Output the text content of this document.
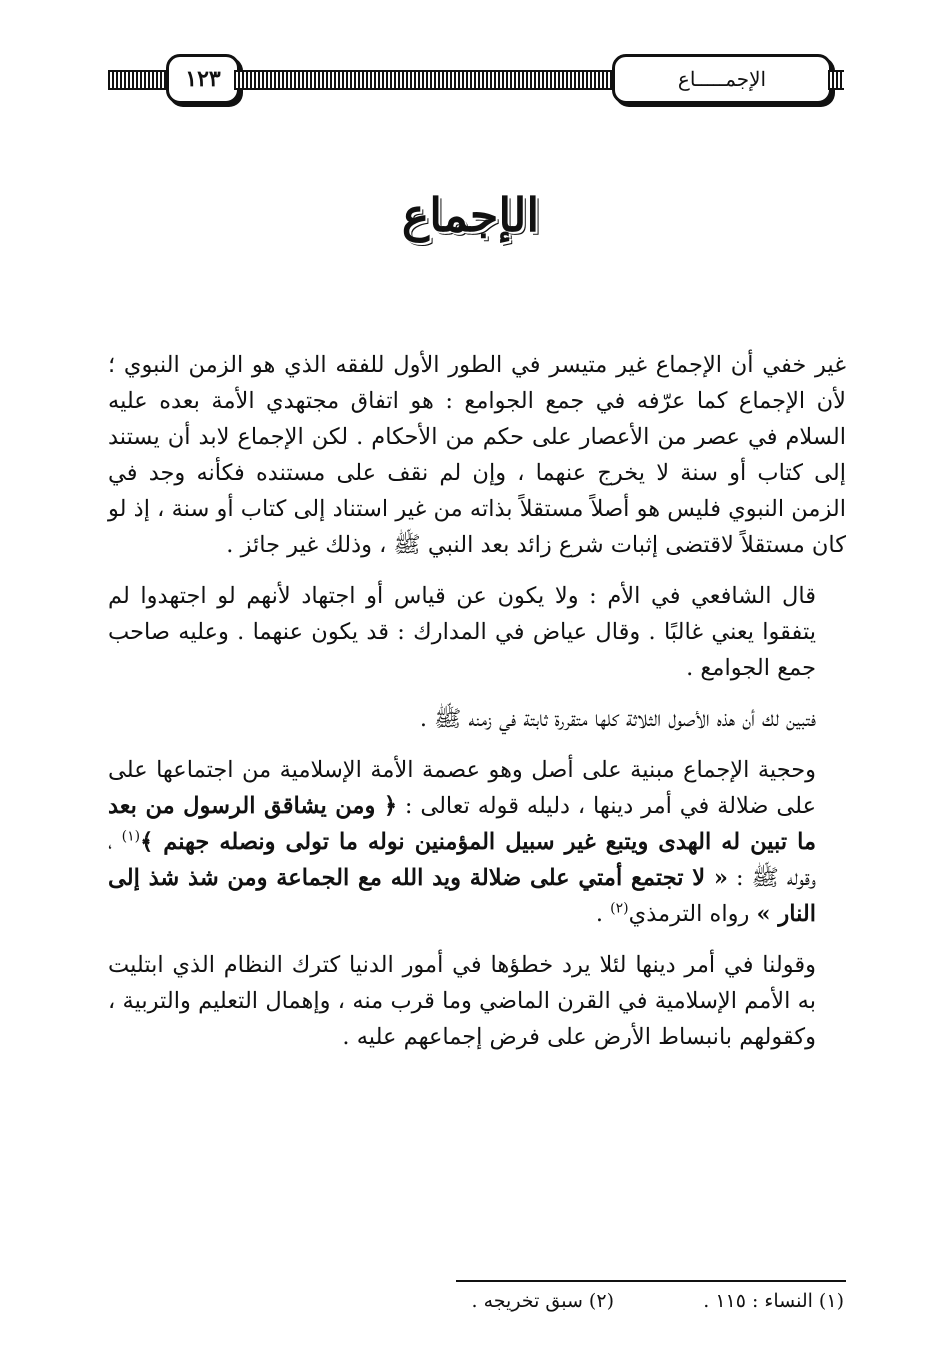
١٢٣	الإجمـــــاع
الإجماع

غير خفي أن الإجماع غير متيسر في الطور الأول للفقه الذي هو الزمن النبوي ؛ لأن الإجماع كما عرّفه في جمع الجوامع : هو اتفاق مجتهدي الأمة بعده عليه السلام في عصر من الأعصار على حكم من الأحكام . لكن الإجماع لابد أن يستند إلى كتاب أو سنة لا يخرج عنهما ، وإن لم نقف على مستنده فكأنه وجد في الزمن النبوي فليس هو أصلاً مستقلاً بذاته من غير استناد إلى كتاب أو سنة ، إذ لو كان مستقلاً لاقتضى إثبات شرع زائد بعد النبي ﷺ ، وذلك غير جائز .

قال الشافعي في الأم : ولا يكون عن قياس أو اجتهاد لأنهم لو اجتهدوا لم يتفقوا يعني غالبًا . وقال عياض في المدارك : قد يكون عنهما . وعليه صاحب جمع الجوامع .

فتبين لك أن هذه الأصول الثلاثة كلها متقررة ثابتة في زمنه ﷺ .

وحجية الإجماع مبنية على أصل وهو عصمة الأمة الإسلامية من اجتماعها على على ضلالة في أمر دينها ، دليله قوله تعالى : ﴿ ومن يشاقق الرسول من بعد ما تبين له الهدى ويتبع غير سبيل المؤمنين نوله ما تولى ونصله جهنم ﴾$^{(١)}$ ، وقوله ﷺ : « لا تجتمع أمتي على ضلالة ويد الله مع الجماعة ومن شذ شذ إلى النار » رواه الترمذي$^{(٢)}$ .

وقولنا في أمر دينها لئلا يرد خطؤها في أمور الدنيا كترك النظام الذي ابتليت به الأمم الإسلامية في القرن الماضي وما قرب منه ، وإهمال التعليم والتربية ، وكقولهم بانبساط الأرض على فرض إجماعهم عليه .

(١) النساء : ١١٥ .
(٢) سبق تخريجه .
